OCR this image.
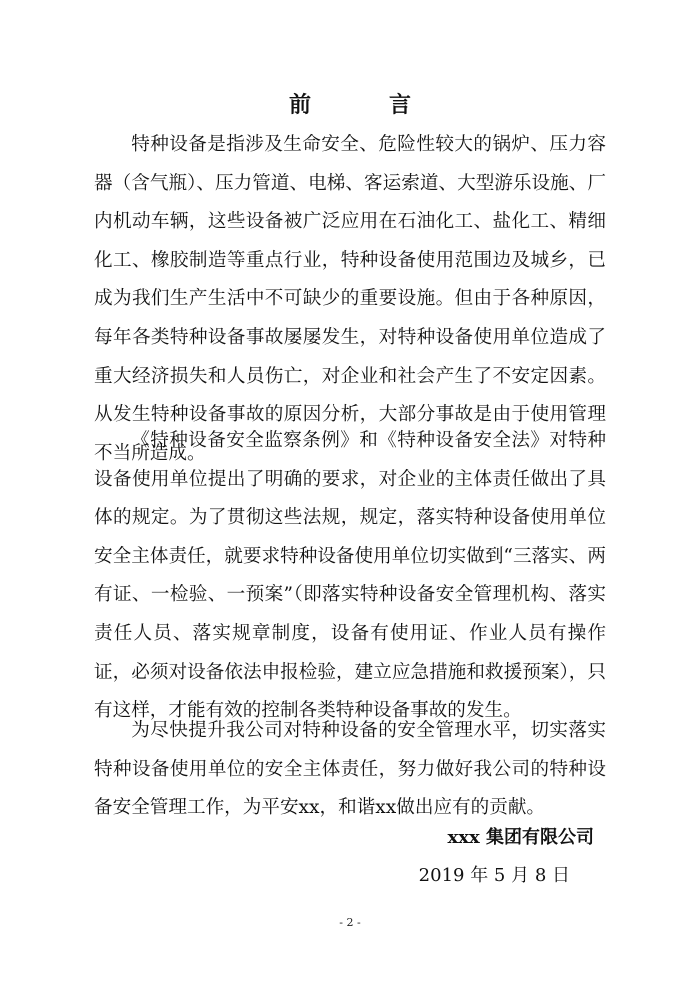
前　言

特种设备是指涉及生命安全、危险性较大的锅炉、压力容器（含气瓶）、压力管道、电梯、客运索道、大型游乐设施、厂内机动车辆，这些设备被广泛应用在石油化工、盐化工、精细化工、橡胶制造等重点行业，特种设备使用范围边及城乡，已成为我们生产生活中不可缺少的重要设施。但由于各种原因，每年各类特种设备事故屡屡发生，对特种设备使用单位造成了重大经济损失和人员伤亡，对企业和社会产生了不安定因素。从发生特种设备事故的原因分析，大部分事故是由于使用管理不当所造成。

《特种设备安全监察条例》和《特种设备安全法》对特种设备使用单位提出了明确的要求，对企业的主体责任做出了具体的规定。为了贯彻这些法规，规定，落实特种设备使用单位安全主体责任，就要求特种设备使用单位切实做到“三落实、两有证、一检验、一预案”（即落实特种设备安全管理机构、落实责任人员、落实规章制度，设备有使用证、作业人员有操作证，必须对设备依法申报检验，建立应急措施和救援预案），只有这样，才能有效的控制各类特种设备事故的发生。

为尽快提升我公司对特种设备的安全管理水平，切实落实特种设备使用单位的安全主体责任，努力做好我公司的特种设备安全管理工作，为平安xx，和谐xx做出应有的贡献。

xxx 集团有限公司
2019 年 5 月 8 日
- 2 -
